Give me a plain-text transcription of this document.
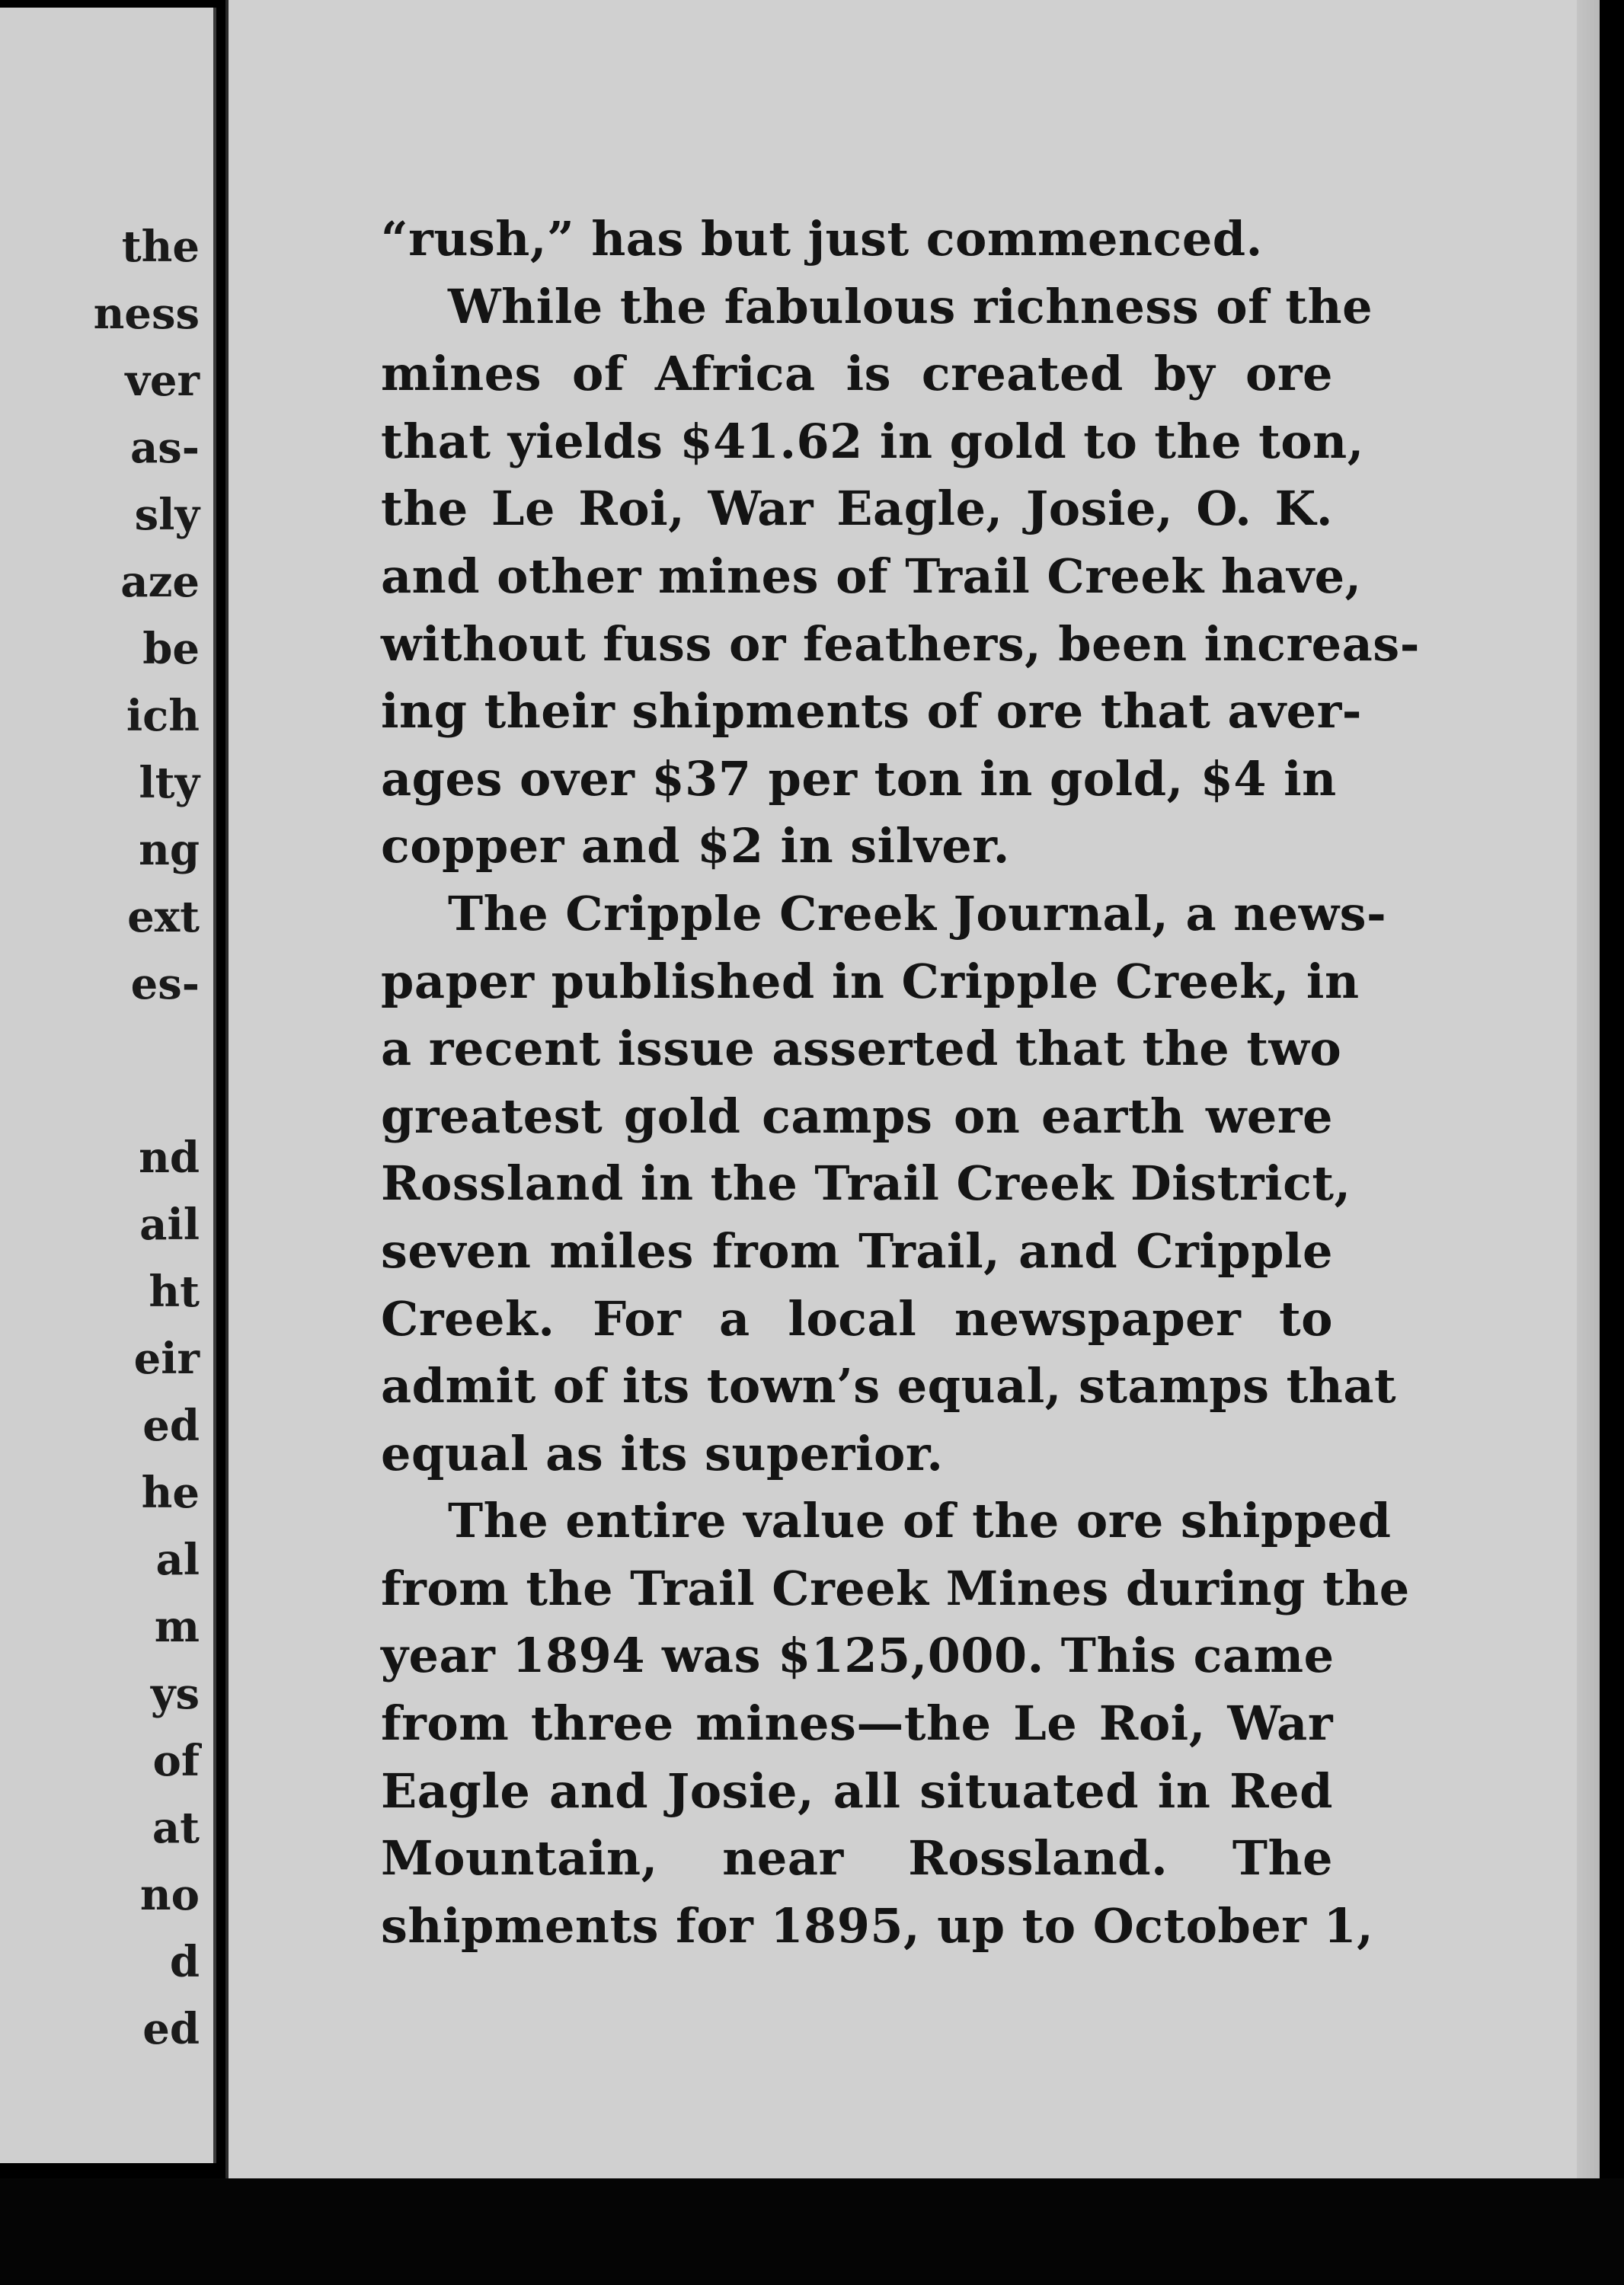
the
ness
ver
as-
sly
aze
be
ich
lty
ng
ext
es-
nd
ail
ht
eir
ed
he
al
m
ys
of
at
no
d
ed
“rush,” has but just commenced.
While the fabulous richness of the
mines of Africa is created by ore
that yields $41.62 in gold to the ton,
the Le Roi, War Eagle, Josie, O. K.
and other mines of Trail Creek have,
without fuss or feathers, been increas-
ing their shipments of ore that aver-
ages over $37 per ton in gold, $4 in
copper and $2 in silver.
The Cripple Creek Journal, a news-
paper published in Cripple Creek, in
a recent issue asserted that the two
greatest gold camps on earth were
Rossland in the Trail Creek District,
seven miles from Trail, and Cripple
Creek. For a local newspaper to
admit of its town’s equal, stamps that
equal as its superior.
The entire value of the ore shipped
from the Trail Creek Mines during the
year 1894 was $125,000. This came
from three mines—the Le Roi, War
Eagle and Josie, all situated in Red
Mountain, near Rossland. The
shipments for 1895, up to October 1,
